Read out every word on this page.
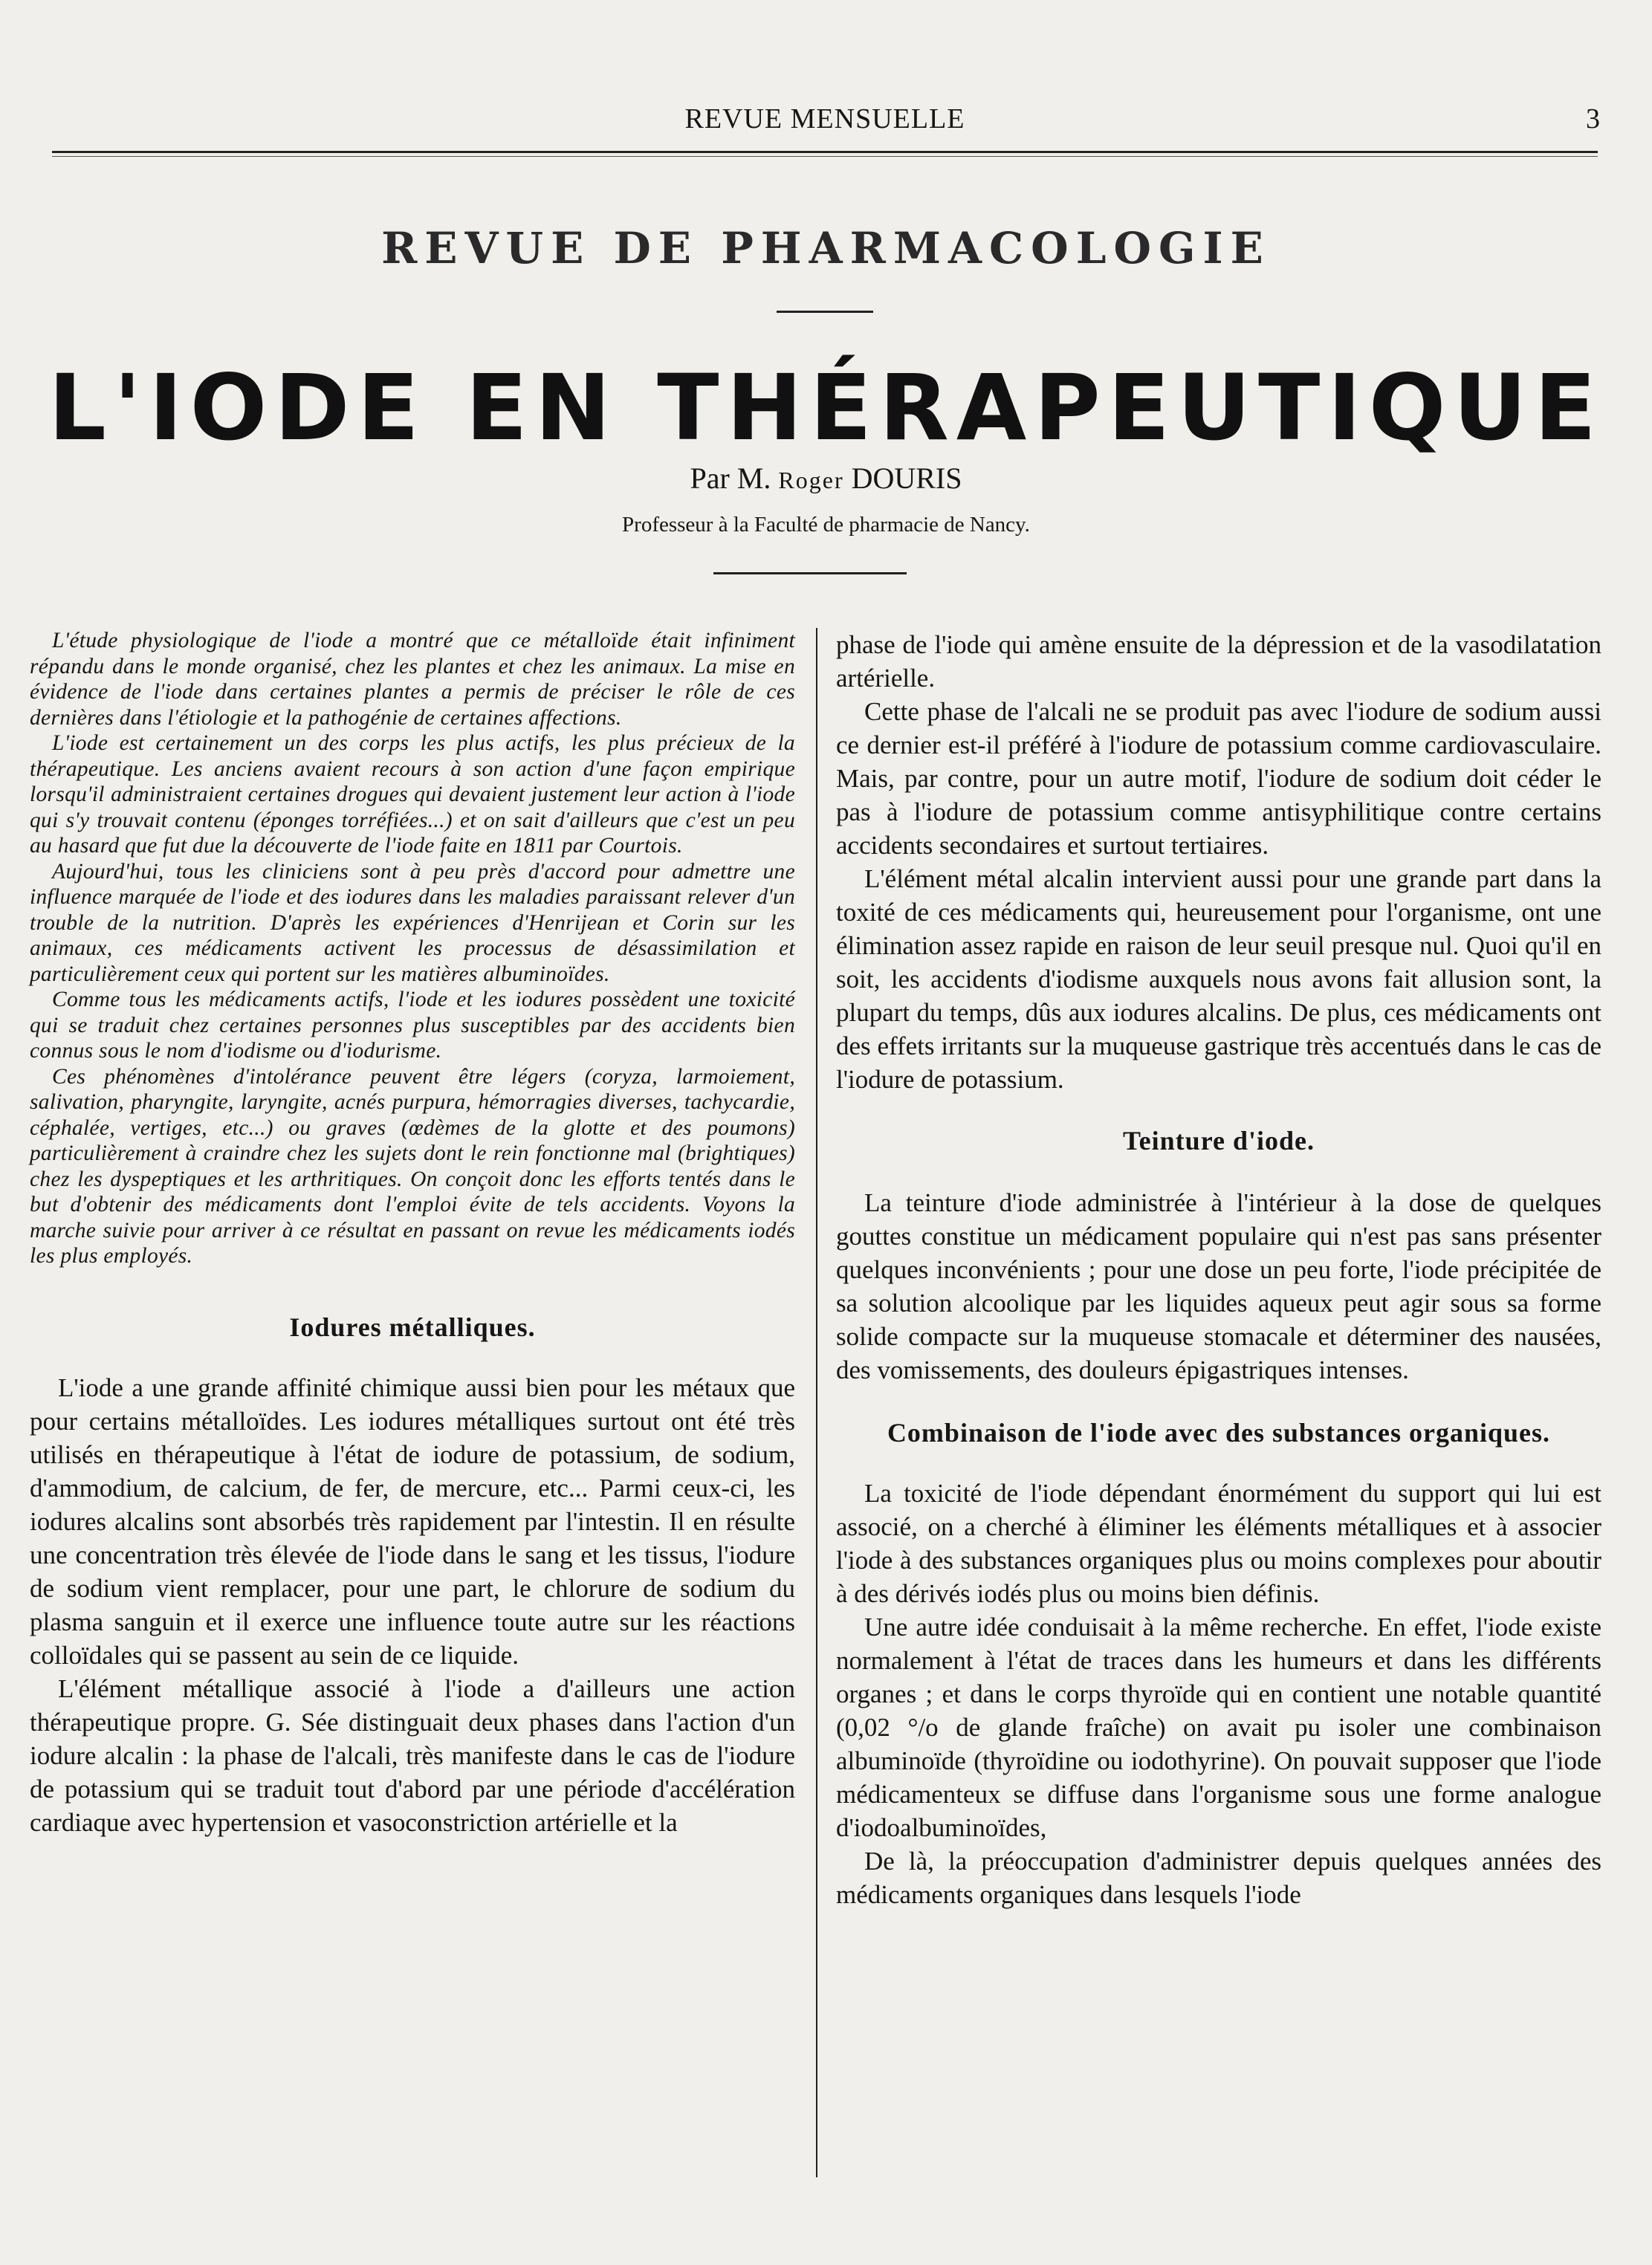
REVUE MENSUELLE	3
REVUE DE PHARMACOLOGIE
L'IODE EN THÉRAPEUTIQUE
Par M. Roger DOURIS
Professeur à la Faculté de pharmacie de Nancy.

L'étude physiologique de l'iode a montré que ce métalloïde était infiniment répandu dans le monde organisé, chez les plantes et chez les animaux. La mise en évidence de l'iode dans certaines plantes a permis de préciser le rôle de ces dernières dans l'étiologie et la pathogénie de certaines affections.

L'iode est certainement un des corps les plus actifs, les plus précieux de la thérapeutique. Les anciens avaient recours à son action d'une façon empirique lorsqu'il administraient certaines drogues qui devaient justement leur action à l'iode qui s'y trouvait contenu (éponges torréfiées...) et on sait d'ailleurs que c'est un peu au hasard que fut due la découverte de l'iode faite en 1811 par Courtois.

Aujourd'hui, tous les cliniciens sont à peu près d'accord pour admettre une influence marquée de l'iode et des iodures dans les maladies paraissant relever d'un trouble de la nutrition. D'après les expériences d'Henrijean et Corin sur les animaux, ces médicaments activent les processus de désassimilation et particulièrement ceux qui portent sur les matières albuminoïdes.

Comme tous les médicaments actifs, l'iode et les iodures possèdent une toxicité qui se traduit chez certaines personnes plus susceptibles par des accidents bien connus sous le nom d'iodisme ou d'iodurisme.

Ces phénomènes d'intolérance peuvent être légers (coryza, larmoiement, salivation, pharyngite, laryngite, acnés purpura, hémorragies diverses, tachycardie, céphalée, vertiges, etc...) ou graves (œdèmes de la glotte et des poumons) particulièrement à craindre chez les sujets dont le rein fonctionne mal (brightiques) chez les dyspeptiques et les arthritiques. On conçoit donc les efforts tentés dans le but d'obtenir des médicaments dont l'emploi évite de tels accidents. Voyons la marche suivie pour arriver à ce résultat en passant on revue les médicaments iodés les plus employés.

Iodures métalliques.

L'iode a une grande affinité chimique aussi bien pour les métaux que pour certains métalloïdes. Les iodures métalliques surtout ont été très utilisés en thérapeutique à l'état de iodure de potassium, de sodium, d'ammodium, de calcium, de fer, de mercure, etc... Parmi ceux-ci, les iodures alcalins sont absorbés très rapidement par l'intestin. Il en résulte une concentration très élevée de l'iode dans le sang et les tissus, l'iodure de sodium vient remplacer, pour une part, le chlorure de sodium du plasma sanguin et il exerce une influence toute autre sur les réactions colloïdales qui se passent au sein de ce liquide.

L'élément métallique associé à l'iode a d'ailleurs une action thérapeutique propre. G. Sée distinguait deux phases dans l'action d'un iodure alcalin : la phase de l'alcali, très manifeste dans le cas de l'iodure de potassium qui se traduit tout d'abord par une période d'accélération cardiaque avec hypertension et vasoconstriction artérielle et la

phase de l'iode qui amène ensuite de la dépression et de la vasodilatation artérielle.

Cette phase de l'alcali ne se produit pas avec l'iodure de sodium aussi ce dernier est-il préféré à l'iodure de potassium comme cardiovasculaire. Mais, par contre, pour un autre motif, l'iodure de sodium doit céder le pas à l'iodure de potassium comme antisyphilitique contre certains accidents secondaires et surtout tertiaires.

L'élément métal alcalin intervient aussi pour une grande part dans la toxité de ces médicaments qui, heureusement pour l'organisme, ont une élimination assez rapide en raison de leur seuil presque nul. Quoi qu'il en soit, les accidents d'iodisme auxquels nous avons fait allusion sont, la plupart du temps, dûs aux iodures alcalins. De plus, ces médicaments ont des effets irritants sur la muqueuse gastrique très accentués dans le cas de l'iodure de potassium.

Teinture d'iode.

La teinture d'iode administrée à l'intérieur à la dose de quelques gouttes constitue un médicament populaire qui n'est pas sans présenter quelques inconvénients ; pour une dose un peu forte, l'iode précipitée de sa solution alcoolique par les liquides aqueux peut agir sous sa forme solide compacte sur la muqueuse stomacale et déterminer des nausées, des vomissements, des douleurs épigastriques intenses.

Combinaison de l'iode avec des substances organiques.

La toxicité de l'iode dépendant énormément du support qui lui est associé, on a cherché à éliminer les éléments métalliques et à associer l'iode à des substances organiques plus ou moins complexes pour aboutir à des dérivés iodés plus ou moins bien définis.

Une autre idée conduisait à la même recherche. En effet, l'iode existe normalement à l'état de traces dans les humeurs et dans les différents organes ; et dans le corps thyroïde qui en contient une notable quantité (0,02 °/o de glande fraîche) on avait pu isoler une combinaison albuminoïde (thyroïdine ou iodothyrine). On pouvait supposer que l'iode médicamenteux se diffuse dans l'organisme sous une forme analogue d'iodoalbuminoïdes,

De là, la préoccupation d'administrer depuis quelques années des médicaments organiques dans lesquels l'iode
